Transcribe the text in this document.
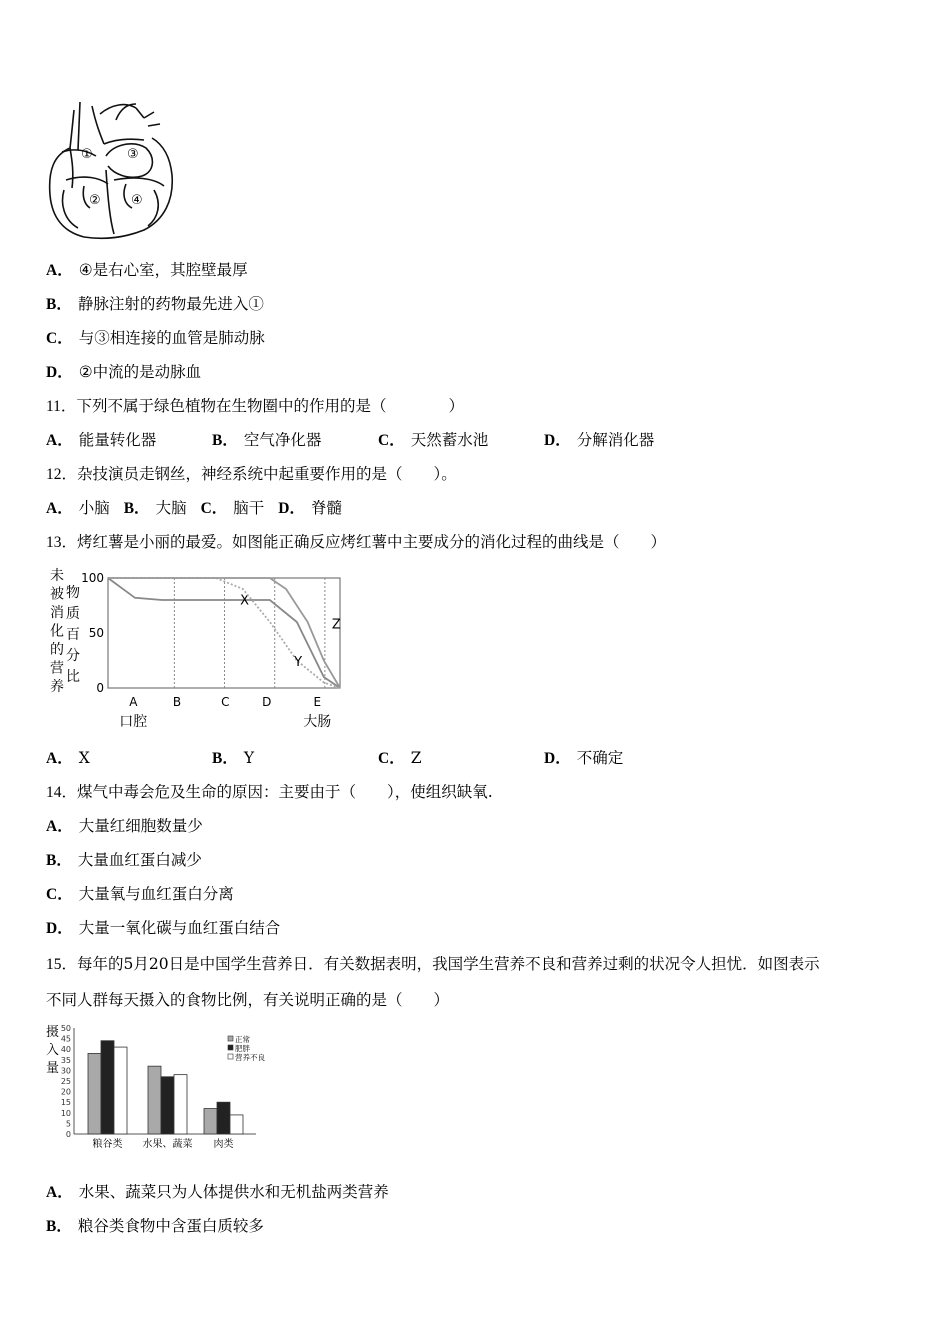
①	③
② ④
A． ④是右心室，其腔壁最厚
B． 静脉注射的药物最先进入①
C． 与③相连接的血管是肺动脉
D． ②中流的是动脉血
11．下列不属于绿色植物在生物圈中的作用的是（　　　　）
A． 能量转化器	B． 空气净化器	C． 天然蓄水池	D． 分解消化器
12．杂技演员走钢丝，神经系统中起重要作用的是（　　）。
A． 小脑 B． 大脑 C． 脑干 D． 脊髓
13．烤红薯是小丽的最爱。如图能正确反应烤红薯中主要成分的消化过程的曲线是（　　）
未
被
消
化
的
营
养
物
质
百
分
比
100
50
0
X
Y
Z
A
口腔
B	C	D	E
大肠
A． X	B． Y	C． Z	D． 不确定
14．煤气中毒会危及生命的原因：主要由于（　　），使组织缺氧.
A． 大量红细胞数量少
B． 大量血红蛋白减少
C． 大量氧与血红蛋白分离
D． 大量一氧化碳与血红蛋白结合
15．每年的5月20日是中国学生营养日．有关数据表明，我国学生营养不良和营养过剩的状况令人担忧．如图表示
不同人群每天摄入的食物比例，有关说明正确的是（　　）
摄
入
量
50
45
40
35
30
25
20
15
10
5
0
粮谷类 水果、蔬菜 肉类
正常
肥胖
营养不良
A． 水果、蔬菜只为人体提供水和无机盐两类营养
B． 粮谷类食物中含蛋白质较多
